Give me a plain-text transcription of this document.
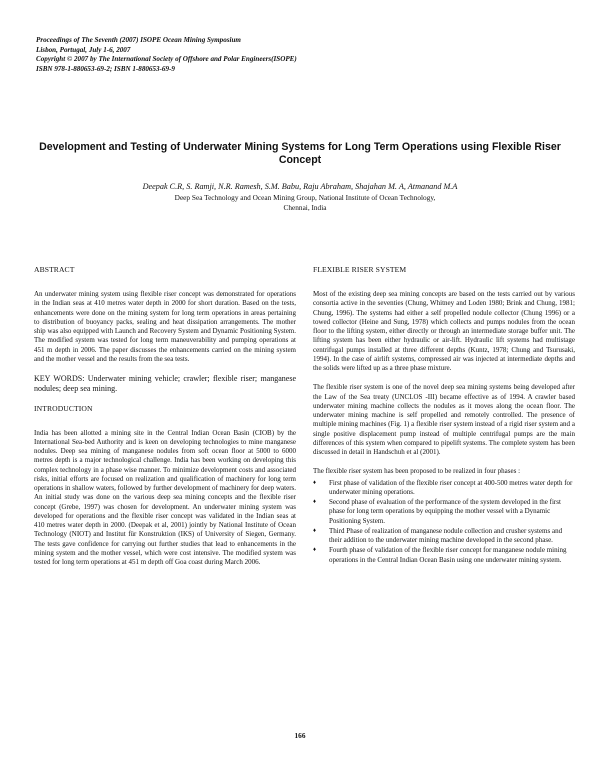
Proceedings of The Seventh (2007) ISOPE Ocean Mining Symposium
Lisbon, Portugal, July 1-6, 2007
Copyright © 2007 by The International Society of Offshore and Polar Engineers(ISOPE)
ISBN 978-1-880653-69-2; ISBN 1-880653-69-9
Development and Testing of Underwater Mining Systems for Long Term Operations using Flexible Riser Concept
Deepak C.R, S. Ramji, N.R. Ramesh, S.M. Babu, Raju Abraham, Shajahan M. A, Atmanand M.A
Deep Sea Technology and Ocean Mining Group, National Institute of Ocean Technology,
Chennai, India
ABSTRACT

An underwater mining system using flexible riser concept was demonstrated for operations in the Indian seas at 410 metres water depth in 2000 for short duration. Based on the tests, enhancements were done on the mining system for long term operations in areas pertaining to distribution of buoyancy packs, sealing and heat dissipation arrangements. The mother ship was also equipped with Launch and Recovery System and Dynamic Positioning System. The modified system was tested for long term maneuverability and pumping operations at 451 m depth in 2006. The paper discusses the enhancements carried on the mining system and the mother vessel and the results from the sea tests.

KEY WORDS: Underwater mining vehicle; crawler; flexible riser; manganese nodules; deep sea mining.

INTRODUCTION

India has been allotted a mining site in the Central Indian Ocean Basin (CIOB) by the International Sea-bed Authority and is keen on developing technologies to mine manganese nodules. Deep sea mining of manganese nodules from soft ocean floor at 5000 to 6000 metres depth is a major technological challenge. India has been working on developing this complex technology in a phase wise manner. To minimize development costs and associated risks, initial efforts are focused on realization and qualification of machinery for long term operations in shallow waters, followed by further development of machinery for deep waters. An initial study was done on the various deep sea mining concepts and the flexible riser concept (Grebe, 1997) was chosen for development. An underwater mining system was developed for operations and the flexible riser concept was validated in the Indian seas at 410 metres water depth in 2000. (Deepak et al, 2001) jointly by National Institute of Ocean Technology (NIOT) and Institut für Konstruktion (IKS) of University of Siegen, Germany. The tests gave confidence for carrying out further studies that lead to enhancements in the mining system and the mother vessel, which were cost intensive. The modified system was tested for long term operations at 451 m depth off Goa coast during March 2006.

FLEXIBLE RISER SYSTEM

Most of the existing deep sea mining concepts are based on the tests carried out by various consortia active in the seventies (Chung, Whitney and Loden 1980; Brink and Chung, 1981; Chung, 1996). The systems had either a self propelled nodule collector (Chung 1996) or a towed collector (Heine and Sung, 1978) which collects and pumps nodules from the ocean floor to the lifting system, either directly or through an intermediate storage buffer unit. The lifting system has been either hydraulic or air-lift. Hydraulic lift systems had multistage centrifugal pumps installed at three different depths (Kuntz, 1978; Chung and Tsurusaki, 1994). In the case of airlift systems, compressed air was injected at intermediate depths and the solids were lifted up as a three phase mixture.

The flexible riser system is one of the novel deep sea mining systems being developed after the Law of the Sea treaty (UNCLOS -III) became effective as of 1994. A crawler based underwater mining machine collects the nodules as it moves along the ocean floor. The underwater mining machine is self propelled and remotely controlled. The presence of multiple mining machines (Fig. 1) a flexible riser system instead of a rigid riser system and a single positive displacement pump instead of multiple centrifugal pumps are the main differences of this system when compared to pipelift systems. The complete system has been discussed in detail in Handschuh et al (2001).

The flexible riser system has been proposed to be realized in four phases :

♦ First phase of validation of the flexible riser concept at 400-500 metres water depth for underwater mining operations.
♦ Second phase of evaluation of the performance of the system developed in the first phase for long term operations by equipping the mother vessel with a Dynamic Positioning System.
♦ Third Phase of realization of manganese nodule collection and crusher systems and their addition to the underwater mining machine developed in the second phase.
♦ Fourth phase of validation of the flexible riser concept for manganese nodule mining operations in the Central Indian Ocean Basin using one underwater mining system.
166
